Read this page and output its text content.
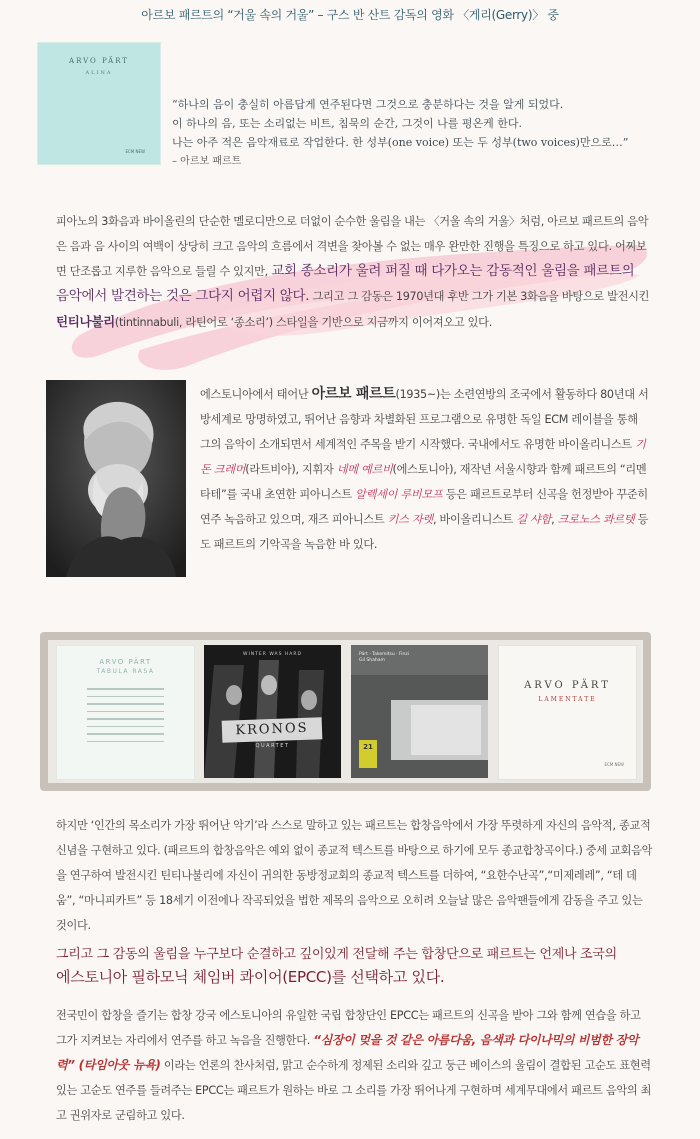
아르보 패르트의 “거울 속의 거울” – 구스 반 산트 감독의 영화 〈게리(Gerry)〉 중
ARVO PÄRT
ALINA
ECM NEW
“하나의 음이 충실히 아름답게 연주된다면 그것으로 충분하다는 것을 알게 되었다.
이 하나의 음, 또는 소리없는 비트, 침묵의 순간, 그것이 나를 평온케 한다.
나는 아주 적은 음악재료로 작업한다. 한 성부(one voice) 또는 두 성부(two voices)만으로…”
– 아르보 패르트
피아노의 3화음과 바이올린의 단순한 멜로디만으로 더없이 순수한 울림을 내는 〈거울 속의 거울〉처럼, 아르보 패르트의 음악은 음과 음 사이의 여백이 상당히 크고 음악의 흐름에서 격변을 찾아볼 수 없는 매우 완만한 진행을 특징으로 하고 있다. 어찌보면 단조롭고 지루한 음악으로 들릴 수 있지만, 교회 종소리가 울려 퍼질 때 다가오는 감동적인 울림을 패르트의 음악에서 발견하는 것은 그다지 어렵지 않다. 그리고 그 감동은 1970년대 후반 그가 기본 3화음을 바탕으로 발전시킨 틴티나불리(tintinnabuli, 라틴어로 ‘종소리’) 스타일을 기반으로 지금까지 이어져오고 있다.
에스토니아에서 태어난 아르보 패르트(1935~)는 소련연방의 조국에서 활동하다 80년대 서방세계로 망명하였고, 뛰어난 음향과 차별화된 프로그램으로 유명한 독일 ECM 레이블을 통해 그의 음악이 소개되면서 세계적인 주목을 받기 시작했다. 국내에서도 유명한 바이올리니스트 기돈 크레머(라트비아), 지휘자 네메 예르비(에스토니아), 재작년 서울시향과 함께 패르트의 “리멘타테”를 국내 초연한 피아니스트 알렉세이 루비모프 등은 패르트로부터 신곡을 헌정받아 꾸준히 연주 녹음하고 있으며, 재즈 피아니스트 키스 자렛, 바이올리니스트 길 샤함, 크로노스 콰르텟 등도 패르트의 기악곡을 녹음한 바 있다.
ARVO PÄRT
TABULA RASA
WINTER WAS HARD
KRONOS
QUARTET
Pärt · Takemitsu · Finzi
Gil Shaham
21
ARVO PÄRT
LAMENTATE
ECM NEW
하지만 ‘인간의 목소리가 가장 뛰어난 악기’라 스스로 말하고 있는 패르트는 합창음악에서 가장 뚜렷하게 자신의 음악적, 종교적 신념을 구현하고 있다. (패르트의 합창음악은 예외 없이 종교적 텍스트를 바탕으로 하기에 모두 종교합창곡이다.) 중세 교회음악을 연구하여 발전시킨 틴티나불리에 자신이 귀의한 동방정교회의 종교적 텍스트를 더하여, “요한수난곡”,“미제레레”, “테 데움”, “마니피카트” 등 18세기 이전에나 작곡되었을 법한 제목의 음악으로 오히려 오늘날 많은 음악팬들에게 감동을 주고 있는 것이다.
그리고 그 감동의 울림을 누구보다 순결하고 깊이있게 전달해 주는 합창단으로 패르트는 언제나 조국의
에스토니아 필하모닉 체임버 콰이어(EPCC)를 선택하고 있다.
전국민이 합창을 즐기는 합창 강국 에스토니아의 유일한 국립 합창단인 EPCC는 패르트의 신곡을 받아 그와 함께 연습을 하고 그가 지켜보는 자리에서 연주를 하고 녹음을 진행한다. “심장이 멎을 것 같은 아름다움, 음색과 다이나믹의 비범한 장악력” (타임아웃 뉴욕) 이라는 언론의 찬사처럼, 맑고 순수하게 정제된 소리와 깊고 둥근 베이스의 울림이 결합된 고순도 표현력 있는 고순도 연주를 들려주는 EPCC는 패르트가 원하는 바로 그 소리를 가장 뛰어나게 구현하며 세계무대에서 패르트 음악의 최고 권위자로 군림하고 있다.
